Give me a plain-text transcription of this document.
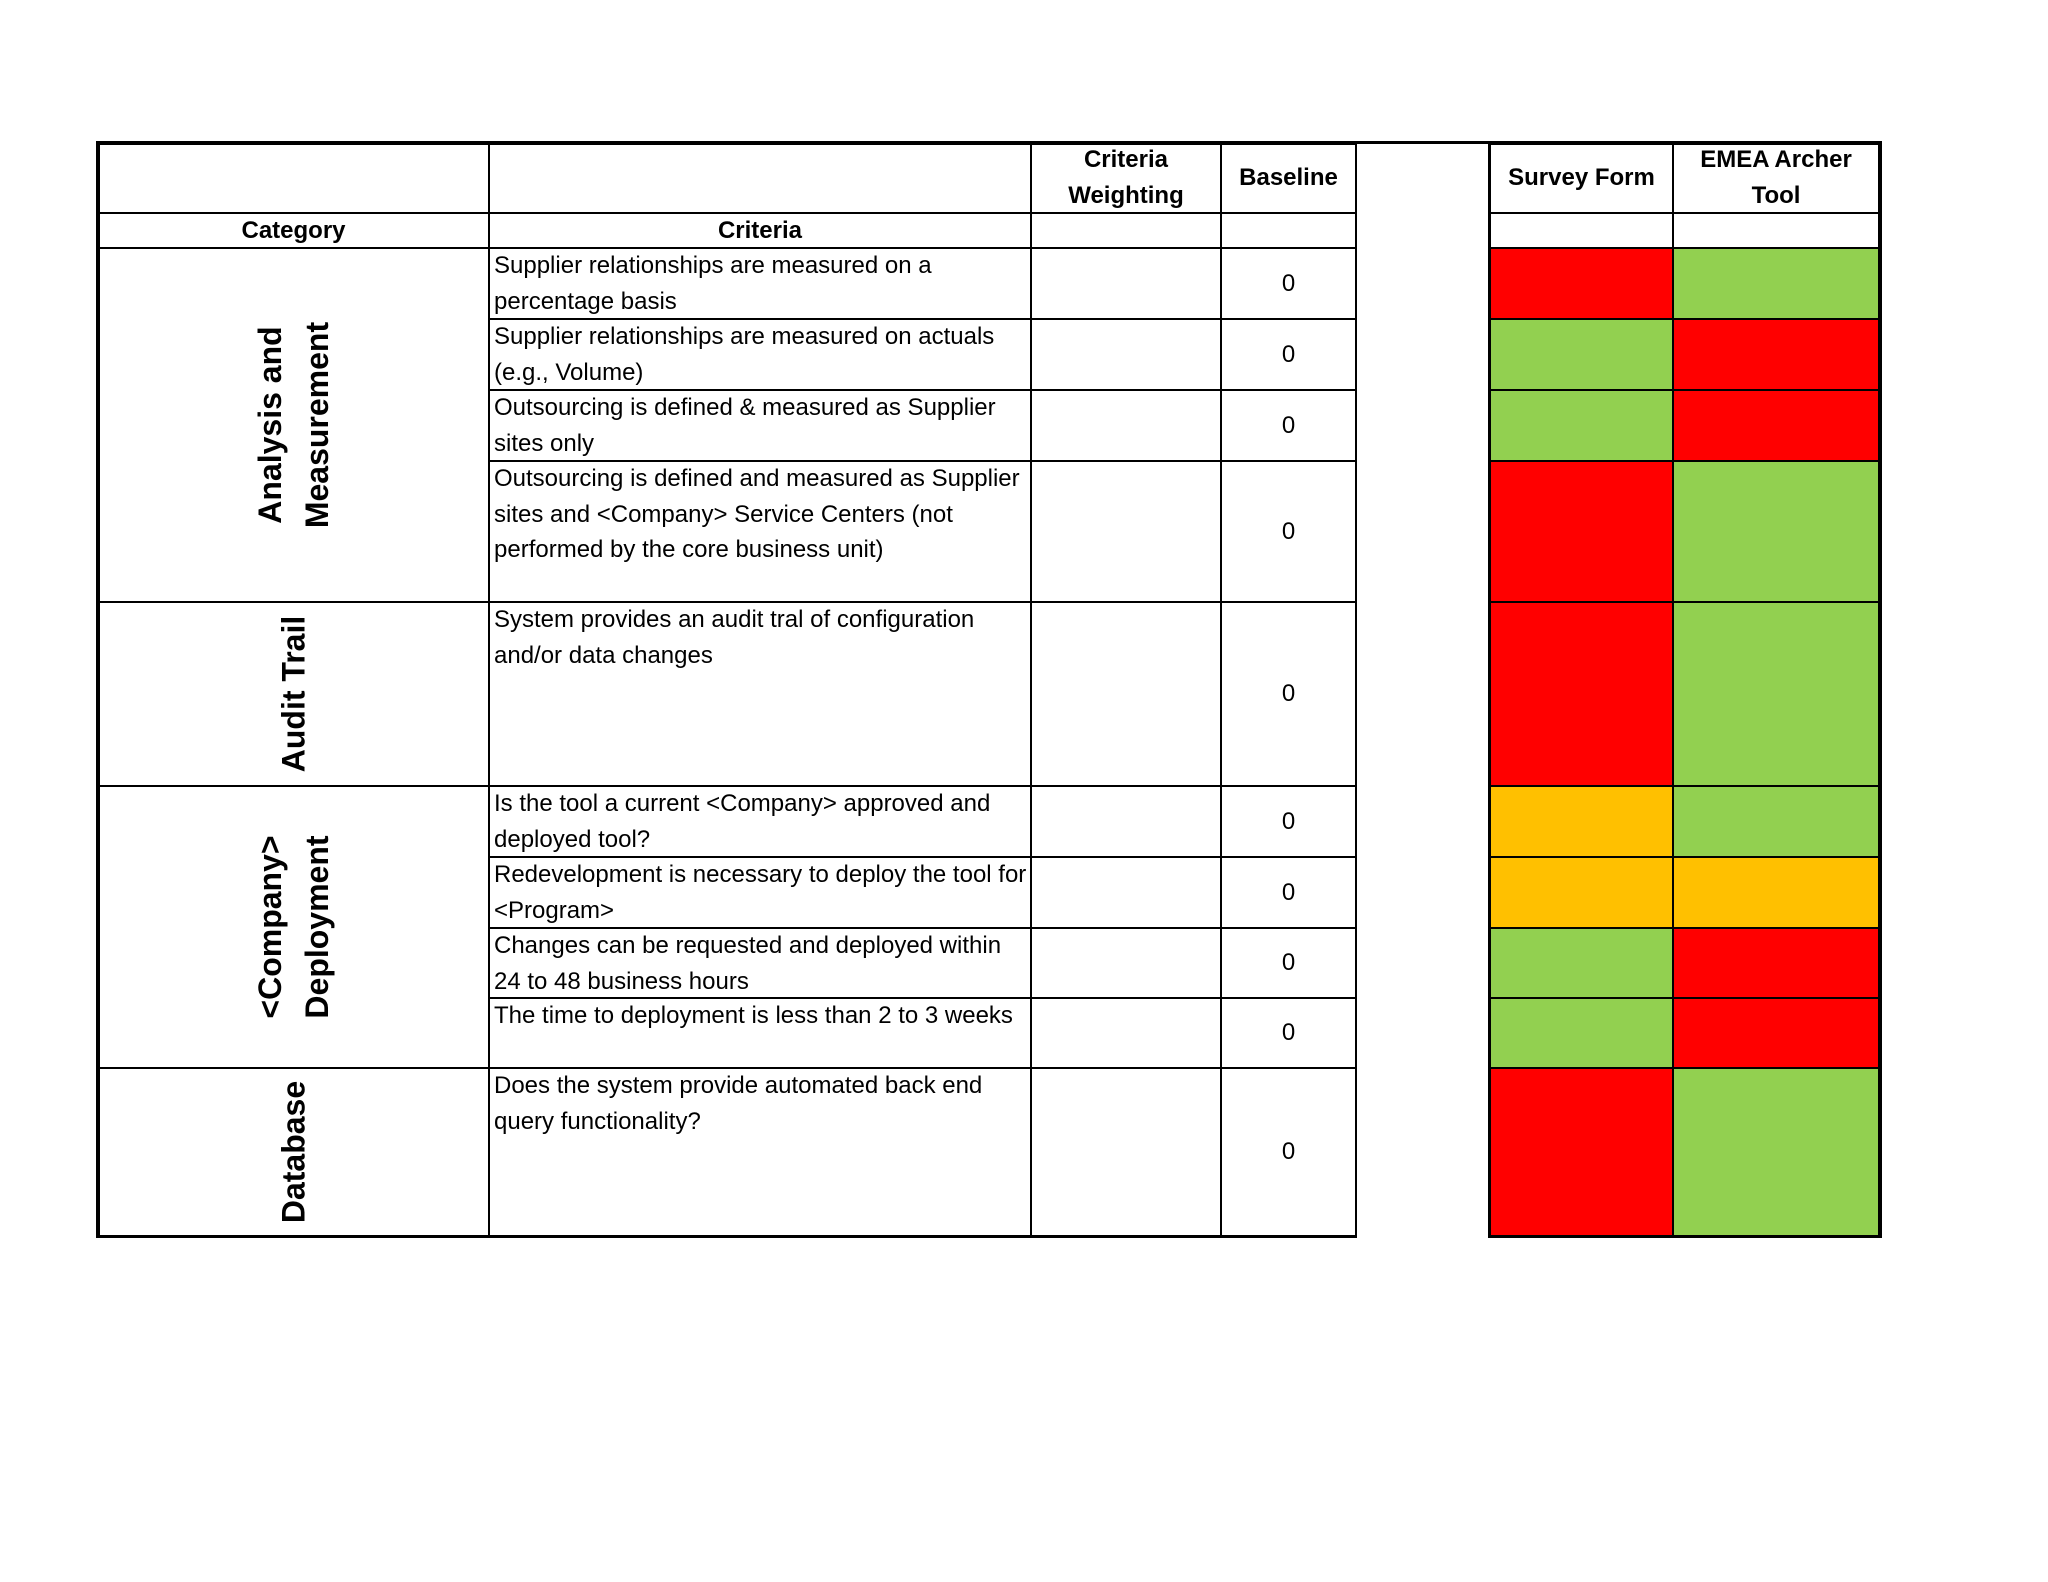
Criteria Weighting
Baseline	Survey Form
EMEA Archer Tool
Category	Criteria
Analysis and Measurement
Audit Trail
<Company> Deployment
Database
Supplier relationships are measured on a percentage basis
0
Supplier relationships are measured on actuals (e.g., Volume)
0
Outsourcing is defined & measured as Supplier sites only
0
Outsourcing is defined and measured as Supplier sites and <Company> Service Centers (not performed by the core business unit)
0
System provides an audit tral of configuration and/or data changes
0
Is the tool a current <Company> approved and deployed tool?
0
Redevelopment is necessary to deploy the tool for <Program>
0
Changes can be requested and deployed within 24 to 48 business hours
0
The time to deployment is less than 2 to 3 weeks
0
Does the system provide automated back end query functionality?
0
